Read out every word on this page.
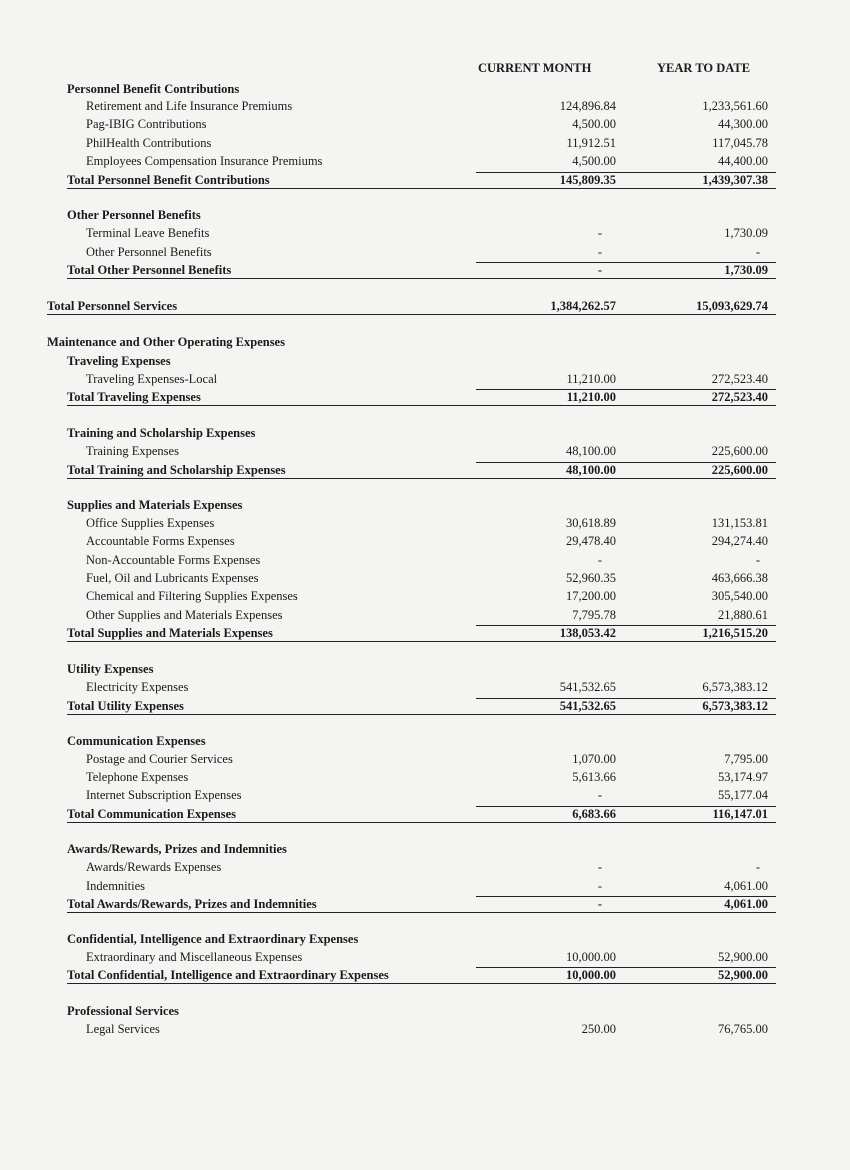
CURRENT MONTH	YEAR TO DATE
Personnel Benefit Contributions
Retirement and Life Insurance Premiums	124,896.84	1,233,561.60
Pag-IBIG Contributions	4,500.00	44,300.00
PhilHealth Contributions	11,912.51	117,045.78
Employees Compensation Insurance Premiums	4,500.00	44,400.00
Total Personnel Benefit Contributions	145,809.35	1,439,307.38
Other Personnel Benefits
Terminal Leave Benefits	-	1,730.09
Other Personnel Benefits	-	-
Total Other Personnel Benefits	-	1,730.09
Total Personnel Services	1,384,262.57	15,093,629.74
Maintenance and Other Operating Expenses
Traveling Expenses
Traveling Expenses-Local	11,210.00	272,523.40
Total Traveling Expenses	11,210.00	272,523.40
Training and Scholarship Expenses
Training Expenses	48,100.00	225,600.00
Total Training and Scholarship Expenses	48,100.00	225,600.00
Supplies and Materials Expenses
Office Supplies Expenses	30,618.89	131,153.81
Accountable Forms Expenses	29,478.40	294,274.40
Non-Accountable Forms Expenses	-	-
Fuel, Oil and Lubricants Expenses	52,960.35	463,666.38
Chemical and Filtering Supplies Expenses	17,200.00	305,540.00
Other Supplies and Materials Expenses	7,795.78	21,880.61
Total Supplies and Materials Expenses	138,053.42	1,216,515.20
Utility Expenses
Electricity Expenses	541,532.65	6,573,383.12
Total Utility Expenses	541,532.65	6,573,383.12
Communication Expenses
Postage and Courier Services	1,070.00	7,795.00
Telephone Expenses	5,613.66	53,174.97
Internet Subscription Expenses	-	55,177.04
Total Communication Expenses	6,683.66	116,147.01
Awards/Rewards, Prizes and Indemnities
Awards/Rewards Expenses	-	-
Indemnities	-	4,061.00
Total Awards/Rewards, Prizes and Indemnities	-	4,061.00
Confidential, Intelligence and Extraordinary Expenses
Extraordinary and Miscellaneous Expenses	10,000.00	52,900.00
Total Confidential, Intelligence and Extraordinary Expenses	10,000.00	52,900.00
Professional Services
Legal Services	250.00	76,765.00
